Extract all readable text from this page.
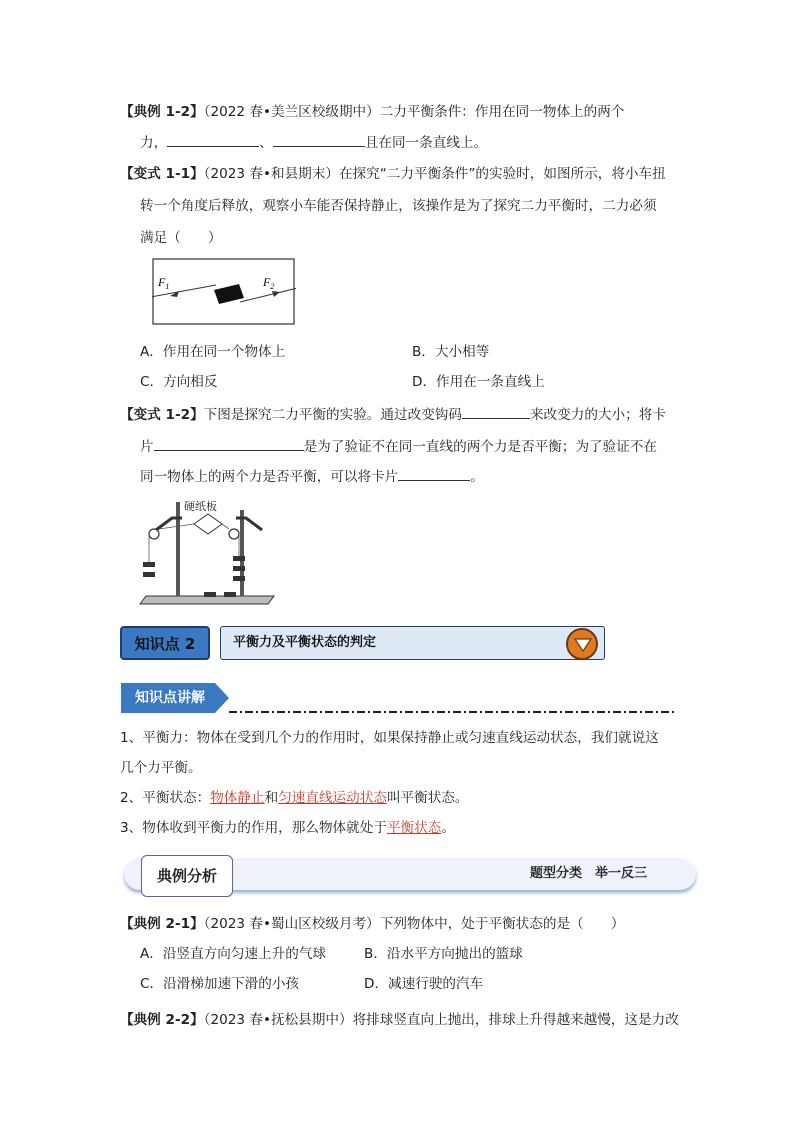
【典例 1-2】（2022 春•美兰区校级期中）二力平衡条件：作用在同一物体上的两个
力，	、	且在同一条直线上。
【变式 1-1】（2023 春•和县期末）在探究“二力平衡条件”的实验时，如图所示，将小车扭
转一个角度后释放，观察小车能否保持静止，该操作是为了探究二力平衡时，二力必须
满足（　　）
$F_1$	$F_2$
A．作用在同一个物体上	B．大小相等
C．方向相反	D．作用在一条直线上
【变式 1-2】下图是探究二力平衡的实验。通过改变钩码	来改变力的大小；将卡
片	是为了验证不在同一直线的两个力是否平衡；为了验证不在
同一物体上的两个力是否平衡，可以将卡片	。
硬纸板
知识点 2	平衡力及平衡状态的判定
知识点讲解
1、平衡力：物体在受到几个力的作用时，如果保持静止或匀速直线运动状态，我们就说这
几个力平衡。
2、平衡状态：物体静止和匀速直线运动状态叫平衡状态。
3、物体收到平衡力的作用，那么物体就处于平衡状态。
典例分析	题型分类　举一反三
【典例 2-1】（2023 春•蜀山区校级月考）下列物体中，处于平衡状态的是（　　）
A．沿竖直方向匀速上升的气球	B．沿水平方向抛出的篮球
C．沿滑梯加速下滑的小孩	D．减速行驶的汽车
【典例 2-2】（2023 春•抚松县期中）将排球竖直向上抛出，排球上升得越来越慢，这是力改
